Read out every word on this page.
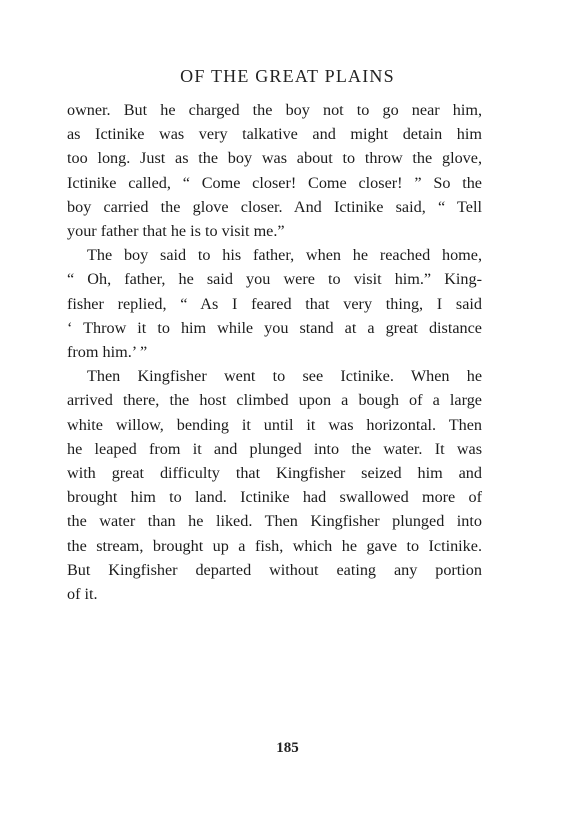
OF THE GREAT PLAINS

owner. But he charged the boy not to go near him,
as Ictinike was very talkative and might detain him
too long. Just as the boy was about to throw the glove,
Ictinike called, “ Come closer! Come closer! ” So the
boy carried the glove closer. And Ictinike said, “ Tell
your father that he is to visit me.”

The boy said to his father, when he reached home,
“ Oh, father, he said you were to visit him.” King-
fisher replied, “ As I feared that very thing, I said
‘ Throw it to him while you stand at a great distance
from him.’ ”

Then Kingfisher went to see Ictinike. When he
arrived there, the host climbed upon a bough of a large
white willow, bending it until it was horizontal. Then
he leaped from it and plunged into the water. It was
with great difficulty that Kingfisher seized him and
brought him to land. Ictinike had swallowed more of
the water than he liked. Then Kingfisher plunged into
the stream, brought up a fish, which he gave to Ictinike.
But Kingfisher departed without eating any portion
of it.

185
